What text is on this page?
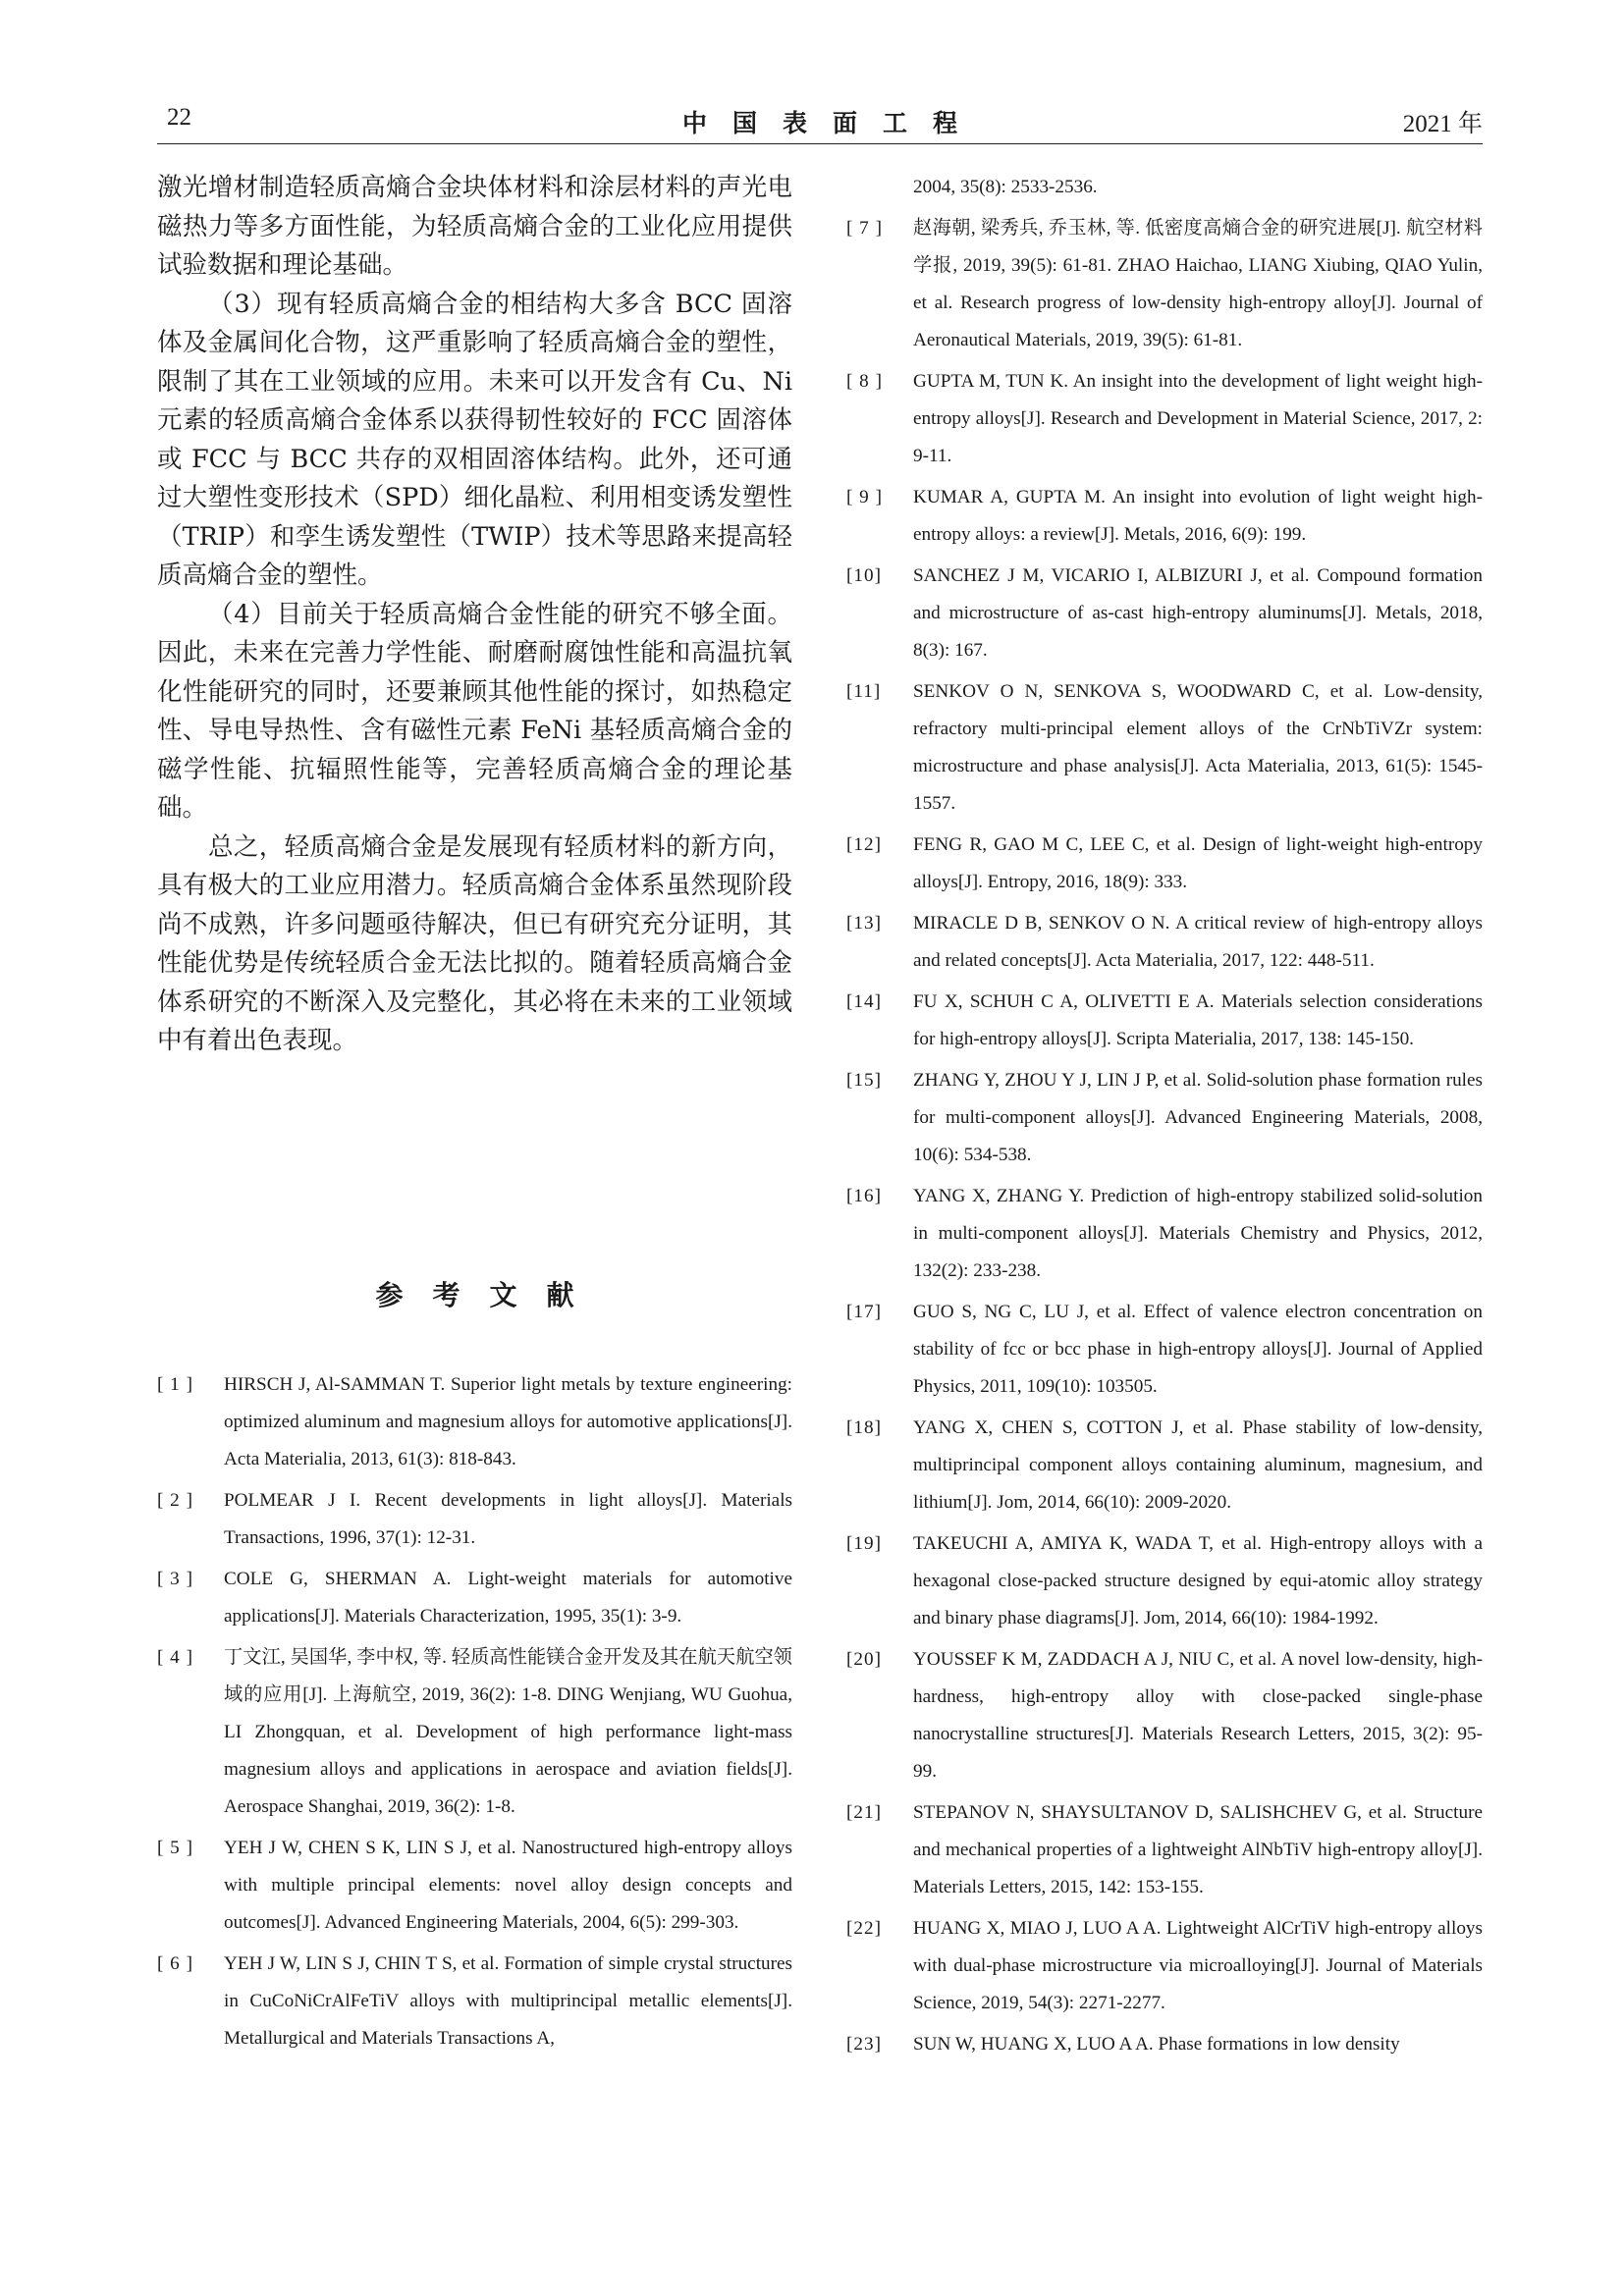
22	中国表面工程	2021 年

激光增材制造轻质高熵合金块体材料和涂层材料的声光电磁热力等多方面性能，为轻质高熵合金的工业化应用提供试验数据和理论基础。

（3）现有轻质高熵合金的相结构大多含 BCC 固溶体及金属间化合物，这严重影响了轻质高熵合金的塑性，限制了其在工业领域的应用。未来可以开发含有 Cu、Ni 元素的轻质高熵合金体系以获得韧性较好的 FCC 固溶体或 FCC 与 BCC 共存的双相固溶体结构。此外，还可通过大塑性变形技术（SPD）细化晶粒、利用相变诱发塑性（TRIP）和孪生诱发塑性（TWIP）技术等思路来提高轻质高熵合金的塑性。

（4）目前关于轻质高熵合金性能的研究不够全面。因此，未来在完善力学性能、耐磨耐腐蚀性能和高温抗氧化性能研究的同时，还要兼顾其他性能的探讨，如热稳定性、导电导热性、含有磁性元素 FeNi 基轻质高熵合金的磁学性能、抗辐照性能等，完善轻质高熵合金的理论基础。

总之，轻质高熵合金是发展现有轻质材料的新方向，具有极大的工业应用潜力。轻质高熵合金体系虽然现阶段尚不成熟，许多问题亟待解决，但已有研究充分证明，其性能优势是传统轻质合金无法比拟的。随着轻质高熵合金体系研究的不断深入及完整化，其必将在未来的工业领域中有着出色表现。

参考文献
[ 1 ]	HIRSCH J, Al-SAMMAN T. Superior light metals by texture engineering: optimized aluminum and magnesium alloys for automotive applications[J]. Acta Materialia, 2013, 61(3): 818-843.
[ 2 ]	POLMEAR J I. Recent developments in light alloys[J]. Materials Transactions, 1996, 37(1): 12-31.
[ 3 ]	COLE G, SHERMAN A. Light-weight materials for automotive applications[J]. Materials Characterization, 1995, 35(1): 3-9.
[ 4 ]	丁文江, 吴国华, 李中权, 等. 轻质高性能镁合金开发及其在航天航空领域的应用[J]. 上海航空, 2019, 36(2): 1-8. DING Wenjiang, WU Guohua, LI Zhongquan, et al. Development of high performance light-mass magnesium alloys and applications in aerospace and aviation fields[J]. Aerospace Shanghai, 2019, 36(2): 1-8.
[ 5 ]	YEH J W, CHEN S K, LIN S J, et al. Nanostructured high-entropy alloys with multiple principal elements: novel alloy design concepts and outcomes[J]. Advanced Engineering Materials, 2004, 6(5): 299-303.
[ 6 ]	YEH J W, LIN S J, CHIN T S, et al. Formation of simple crystal structures in CuCoNiCrAlFeTiV alloys with multiprincipal metallic elements[J]. Metallurgical and Materials Transactions A,
2004, 35(8): 2533-2536.
[ 7 ]	赵海朝, 梁秀兵, 乔玉林, 等. 低密度高熵合金的研究进展[J]. 航空材料学报, 2019, 39(5): 61-81. ZHAO Haichao, LIANG Xiubing, QIAO Yulin, et al. Research progress of low-density high-entropy alloy[J]. Journal of Aeronautical Materials, 2019, 39(5): 61-81.
[ 8 ]	GUPTA M, TUN K. An insight into the development of light weight high-entropy alloys[J]. Research and Development in Material Science, 2017, 2: 9-11.
[ 9 ]	KUMAR A, GUPTA M. An insight into evolution of light weight high-entropy alloys: a review[J]. Metals, 2016, 6(9): 199.
[10]	SANCHEZ J M, VICARIO I, ALBIZURI J, et al. Compound formation and microstructure of as-cast high-entropy aluminums[J]. Metals, 2018, 8(3): 167.
[11]	SENKOV O N, SENKOVA S, WOODWARD C, et al. Low-density, refractory multi-principal element alloys of the CrNbTiVZr system: microstructure and phase analysis[J]. Acta Materialia, 2013, 61(5): 1545-1557.
[12]	FENG R, GAO M C, LEE C, et al. Design of light-weight high-entropy alloys[J]. Entropy, 2016, 18(9): 333.
[13]	MIRACLE D B, SENKOV O N. A critical review of high-entropy alloys and related concepts[J]. Acta Materialia, 2017, 122: 448-511.
[14]	FU X, SCHUH C A, OLIVETTI E A. Materials selection considerations for high-entropy alloys[J]. Scripta Materialia, 2017, 138: 145-150.
[15]	ZHANG Y, ZHOU Y J, LIN J P, et al. Solid-solution phase formation rules for multi-component alloys[J]. Advanced Engineering Materials, 2008, 10(6): 534-538.
[16]	YANG X, ZHANG Y. Prediction of high-entropy stabilized solid-solution in multi-component alloys[J]. Materials Chemistry and Physics, 2012, 132(2): 233-238.
[17]	GUO S, NG C, LU J, et al. Effect of valence electron concentration on stability of fcc or bcc phase in high-entropy alloys[J]. Journal of Applied Physics, 2011, 109(10): 103505.
[18]	YANG X, CHEN S, COTTON J, et al. Phase stability of low-density, multiprincipal component alloys containing aluminum, magnesium, and lithium[J]. Jom, 2014, 66(10): 2009-2020.
[19]	TAKEUCHI A, AMIYA K, WADA T, et al. High-entropy alloys with a hexagonal close-packed structure designed by equi-atomic alloy strategy and binary phase diagrams[J]. Jom, 2014, 66(10): 1984-1992.
[20]	YOUSSEF K M, ZADDACH A J, NIU C, et al. A novel low-density, high-hardness, high-entropy alloy with close-packed single-phase nanocrystalline structures[J]. Materials Research Letters, 2015, 3(2): 95-99.
[21]	STEPANOV N, SHAYSULTANOV D, SALISHCHEV G, et al. Structure and mechanical properties of a lightweight AlNbTiV high-entropy alloy[J]. Materials Letters, 2015, 142: 153-155.
[22]	HUANG X, MIAO J, LUO A A. Lightweight AlCrTiV high-entropy alloys with dual-phase microstructure via microalloying[J]. Journal of Materials Science, 2019, 54(3): 2271-2277.
[23]	SUN W, HUANG X, LUO A A. Phase formations in low density
